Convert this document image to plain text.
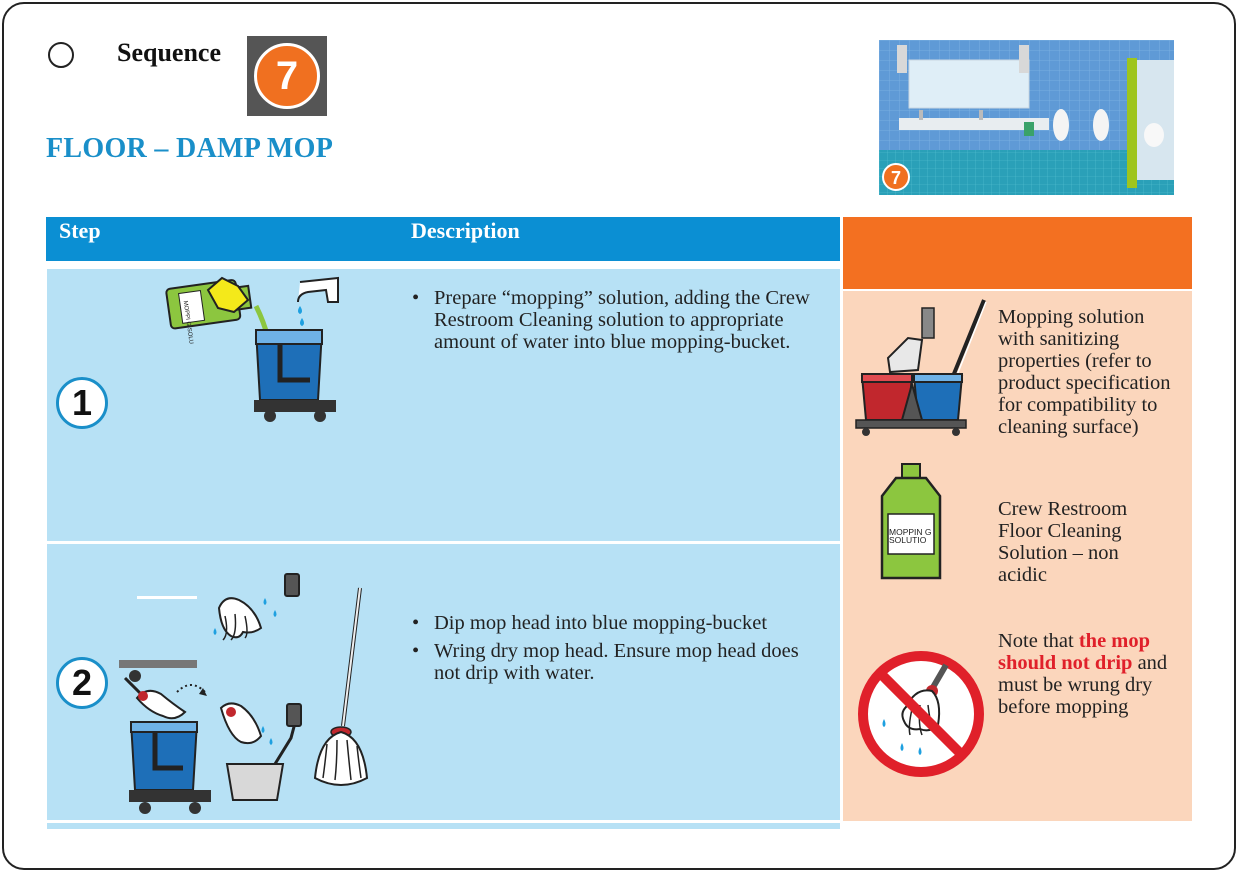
Sequence
7
FLOOR – DAMP MOP
7
Step	Description
1
MOPPI G SOLU
• Prepare “mopping” solution, adding the Crew Restroom Cleaning solution to appropriate amount of water into blue mopping-bucket.
2
• Dip mop head into blue mopping-bucket
• Wring dry mop head. Ensure mop head does not drip with water.
Mopping solution with sanitizing properties (refer to product specification for compatibility to cleaning surface)
MOPPIN G SOLUTIO
Crew Restroom Floor Cleaning Solution – non acidic
Note that the mop should not drip and must be wrung dry before mopping
